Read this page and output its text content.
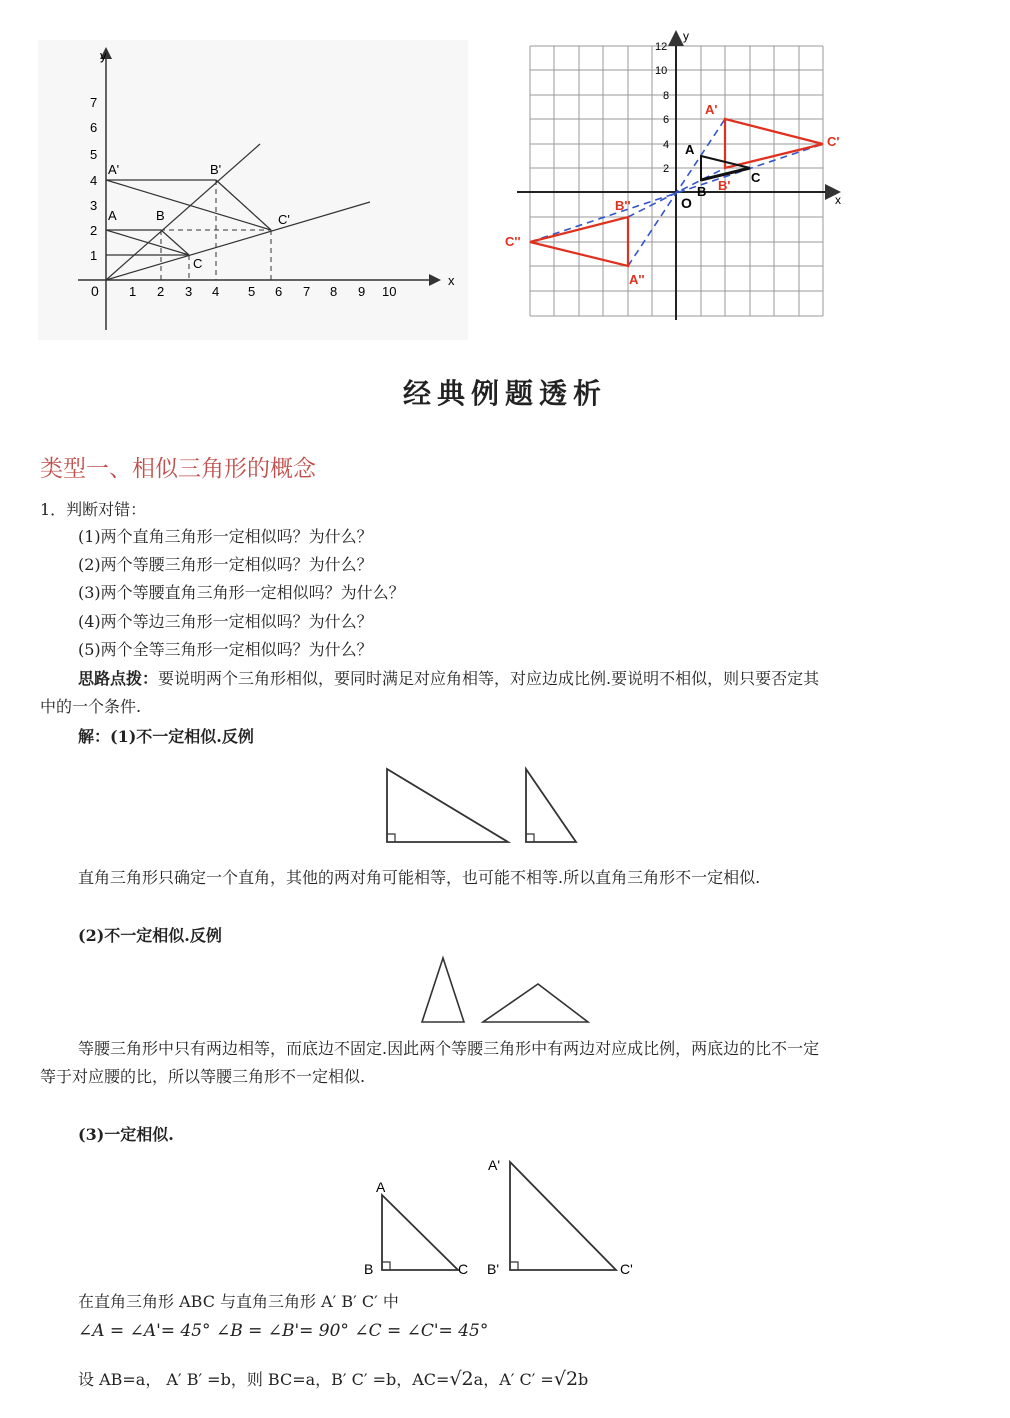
x
y
0 1 2 3 4 5 6 7 8 9 10
1
2
3
4
5
6
7
A	B
C
A'	B'
C'
x
y
O
2
4
6
8
10
12
A
B
C
A'
B'
C'
A''
B''
C''
经典例题透析
类型一、相似三角形的概念
1．判断对错：
(1)两个直角三角形一定相似吗？为什么？
(2)两个等腰三角形一定相似吗？为什么？
(3)两个等腰直角三角形一定相似吗？为什么？
(4)两个等边三角形一定相似吗？为什么？
(5)两个全等三角形一定相似吗？为什么？
思路点拨：要说明两个三角形相似，要同时满足对应角相等，对应边成比例.要说明不相似，则只要否定其
中的一个条件.
解：(1)不一定相似.反例
直角三角形只确定一个直角，其他的两对角可能相等，也可能不相等.所以直角三角形不一定相似.
(2)不一定相似.反例
等腰三角形中只有两边相等，而底边不固定.因此两个等腰三角形中有两边对应成比例，两底边的比不一定
等于对应腰的比，所以等腰三角形不一定相似.
(3)一定相似.
A
B	C
A'
B'	C'
在直角三角形 ABC 与直角三角形 A′ B′ C′ 中
∠A = ∠A'= 45° ∠B = ∠B'= 90° ∠C = ∠C'= 45°
设 AB=a， A′ B′ =b，则 BC=a，B′ C′ =b，AC=√2a，A′ C′ =√2b
